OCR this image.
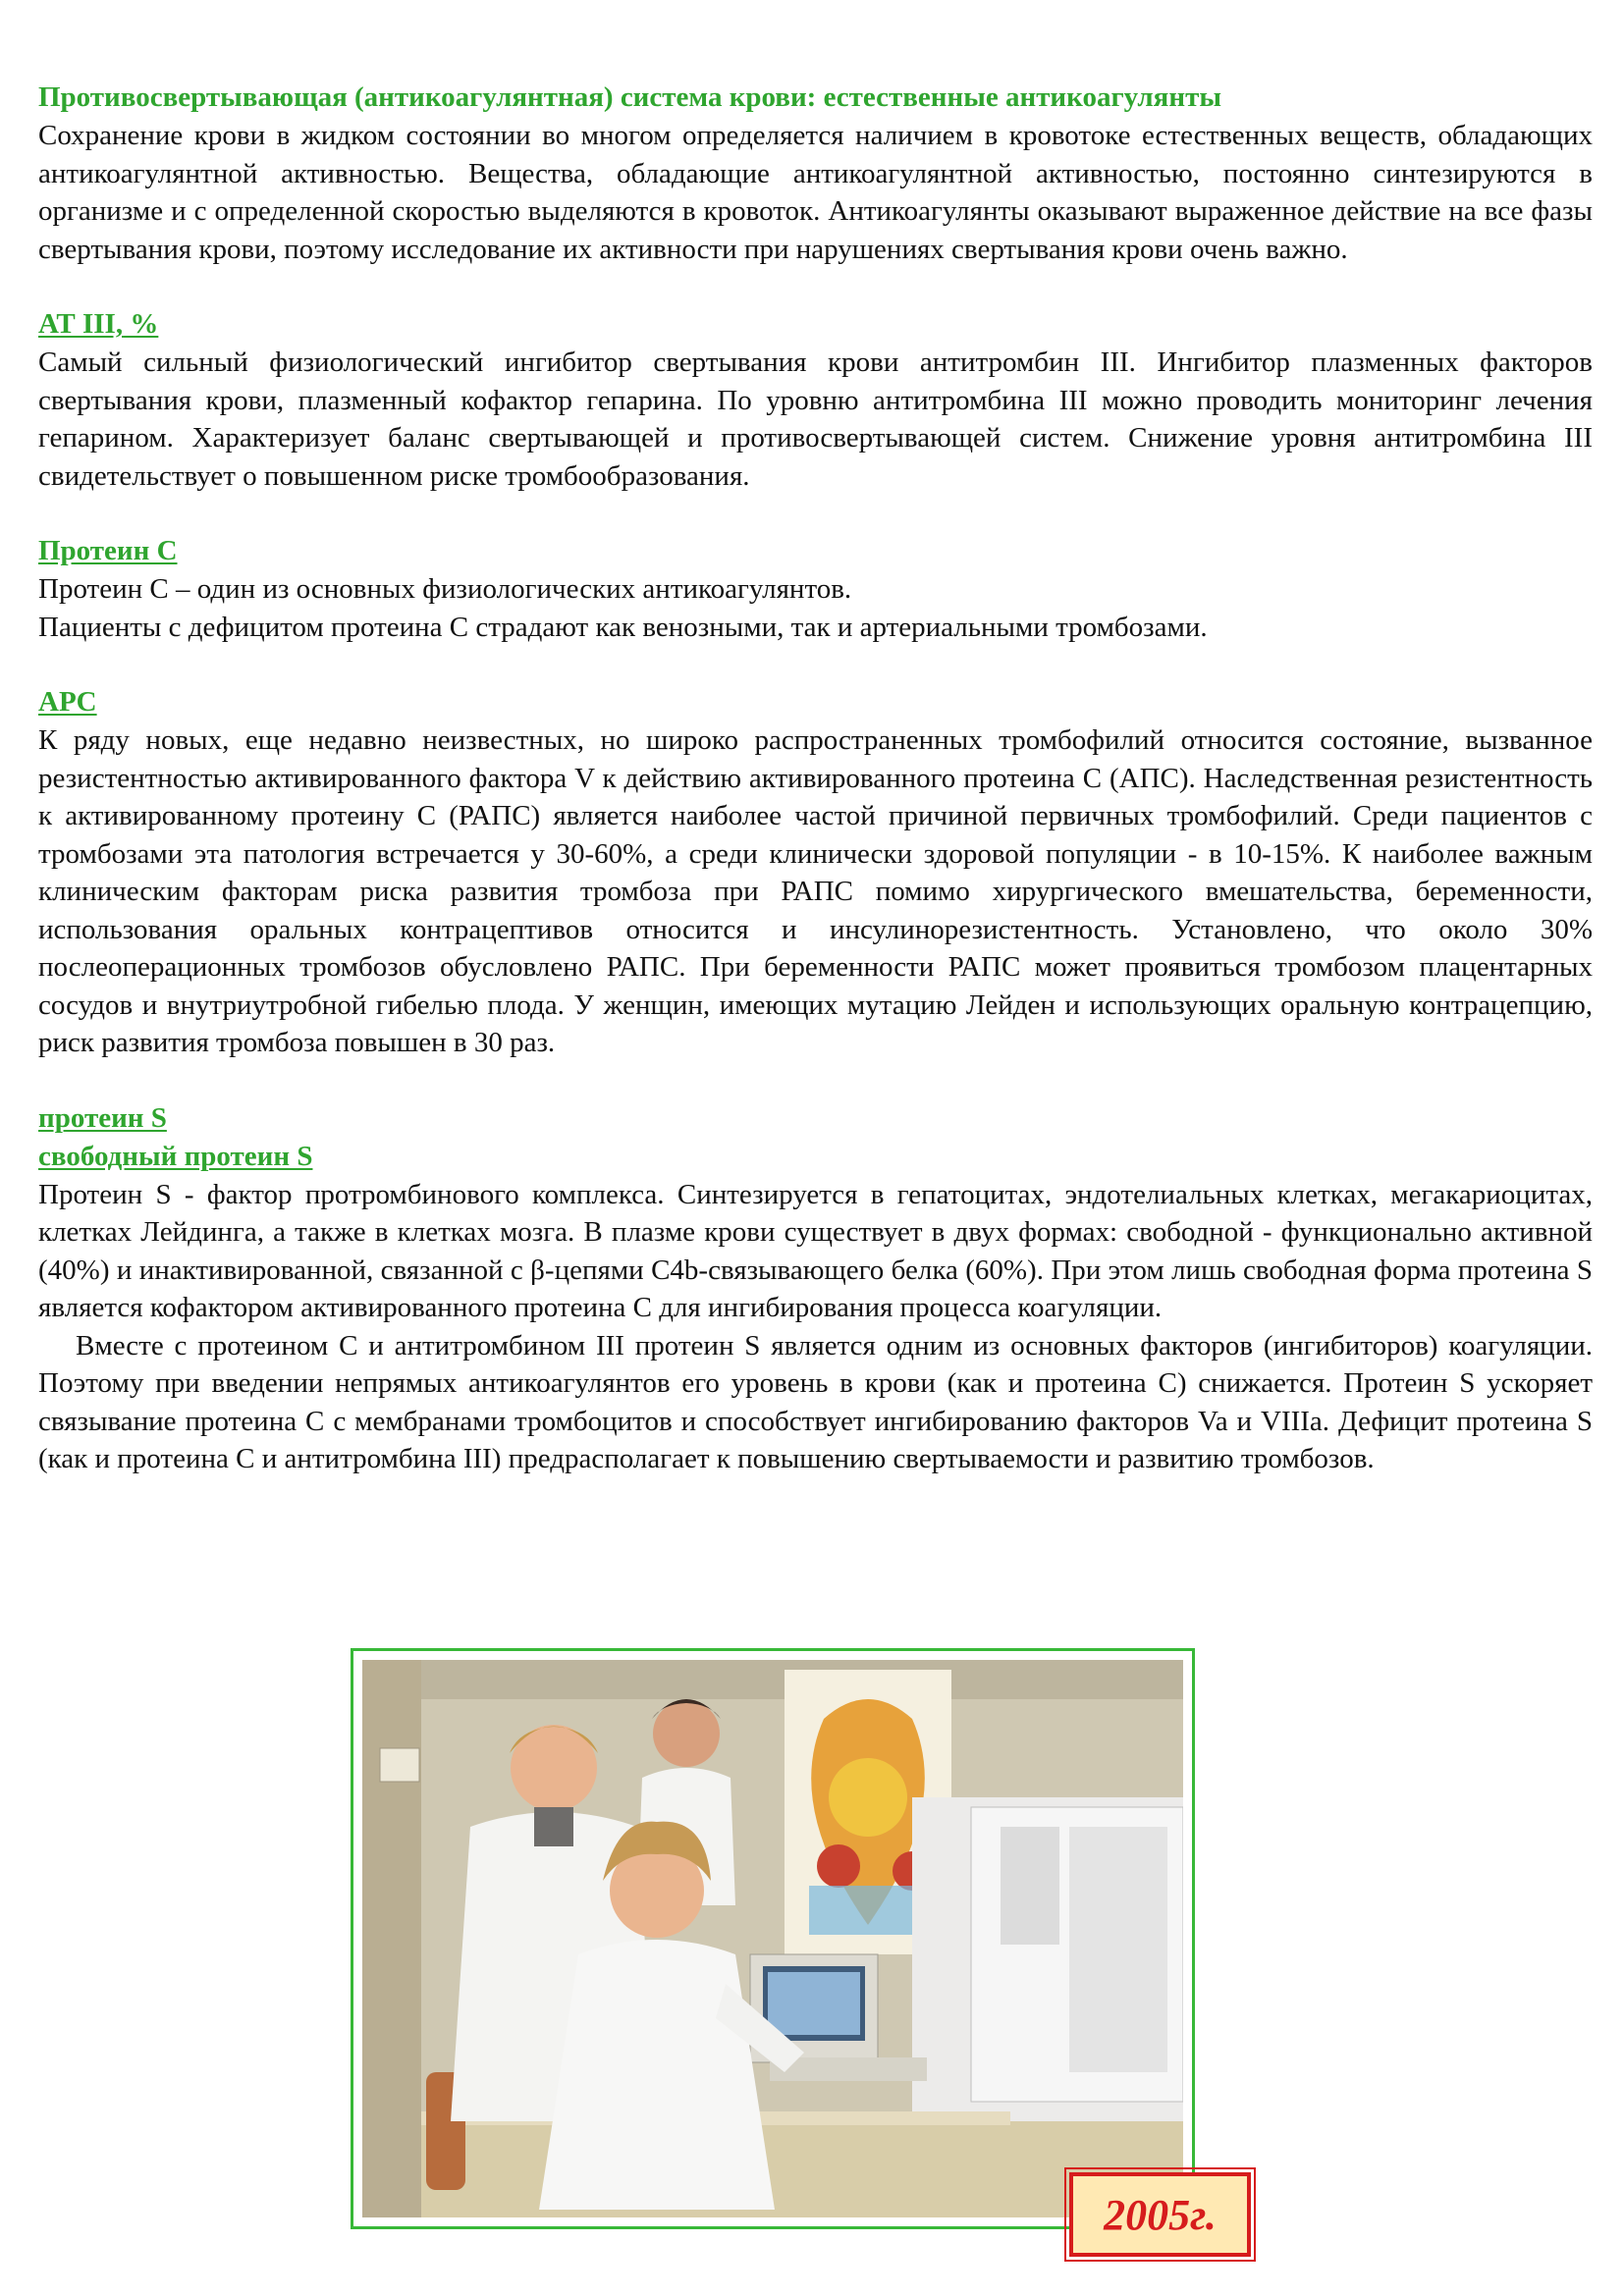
Противосвертывающая (антикоагулянтная) система крови: естественные антикоагулянты

Сохранение крови в жидком состоянии во многом определяется наличием в кровотоке естественных веществ, обладающих антикоагулянтной активностью. Вещества, обладающие антикоагулянтной активностью, постоянно синтезируются в организме и с определенной скоростью выделяются в кровоток. Антикоагулянты оказывают выраженное действие на все фазы свертывания крови, поэтому исследование их активности при нарушениях свертывания крови очень важно.

АТ III, %

Самый сильный физиологический ингибитор свертывания крови антитромбин III. Ингибитор плазменных факторов свертывания крови, плазменный кофактор гепарина. По уровню антитромбина III можно проводить мониторинг лечения гепарином. Характеризует баланс свертывающей и противосвертывающей систем. Снижение уровня антитромбина III свидетельствует о повышенном риске тромбообразования.

Протеин С

Протеин С – один из основных физиологических антикоагулянтов.

Пациенты с дефицитом протеина С страдают как венозными, так и артериальными тромбозами.

APC

К ряду новых, еще недавно неизвестных, но широко распространенных тромбофилий относится состояние, вызванное резистентностью активированного фактора V к действию активированного протеина С (АПС). Наследственная резистентность к активированному протеину С (РАПС) является наиболее частой причиной первичных тромбофилий. Среди пациентов с тромбозами эта патология встречается у 30-60%, а среди клинически здоровой популяции - в 10-15%. К наиболее важным клиническим факторам риска развития тромбоза при РАПС помимо хирургического вмешательства, беременности, использования оральных контрацептивов относится и инсулинорезистентность. Установлено, что около 30% послеоперационных тромбозов обусловлено РАПС. При беременности РАПС может проявиться тромбозом плацентарных сосудов и внутриутробной гибелью плода. У женщин, имеющих мутацию Лейден и использующих оральную контрацепцию, риск развития тромбоза повышен в 30 раз.

протеин S
свободный протеин S

Протеин S - фактор протромбинового комплекса. Синтезируется в гепатоцитах, эндотелиальных клетках, мегакариоцитах, клетках Лейдинга, а также в клетках мозга. В плазме крови существует в двух формах: свободной - функционально активной (40%) и инактивированной, связанной с β-цепями С4b-связывающего белка (60%). При этом лишь свободная форма протеина S является кофактором активированного протеина С для ингибирования процесса коагуляции.

Вместе с протеином С и антитромбином III протеин S является одним из основных факторов (ингибиторов) коагуляции. Поэтому при введении непрямых антикоагулянтов его уровень в крови (как и протеина С) снижается. Протеин S ускоряет связывание протеина С с мембранами тромбоцитов и способствует ингибированию факторов Va и VIIIa. Дефицит протеина S (как и протеина С и антитромбина III) предрасполагает к повышению свертываемости и развитию тромбозов.

2005г.
